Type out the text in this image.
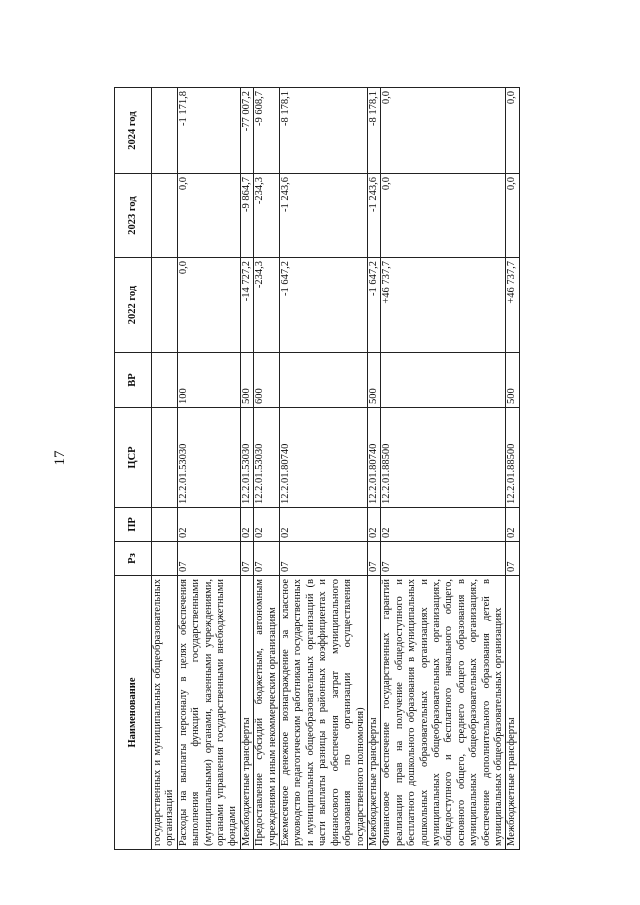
17
Наименование	Рз	ПР	ЦСР	ВР	2022 год	2023 год	2024 год
государственных и муниципальных общеобразовательных организаций							
Расходы на выплаты персоналу в целях обеспечения выполнения функций государственными (муниципальными) органами, казенными учреждениями, органами управления государственными внебюджетными фондами	07	02	12.2.01.53030	100	0,0	0,0	-1 171,8
Межбюджетные трансферты	07	02	12.2.01.53030	500	-14 727,2	-9 864,7	-77 007,2
Предоставление субсидий бюджетным, автономным учреждениям и иным некоммерческим организациям	07	02	12.2.01.53030	600	-234,3	-234,3	-9 608,7
Ежемесячное денежное вознаграждение за классное руководство педагогическим работникам государственных и муниципальных общеобразовательных организаций (в части выплаты разницы в районных коэффициентах и финансового обеспечения затрат муниципального образования по организации осуществления государственного полномочия)	07	02	12.2.01.80740		-1 647,2	-1 243,6	-8 178,1
Межбюджетные трансферты	07	02	12.2.01.80740	500	-1 647,2	-1 243,6	-8 178,1
Финансовое обеспечение государственных гарантий реализации прав на получение общедоступного и бесплатного дошкольного образования в муниципальных дошкольных образовательных организациях и муниципальных общеобразовательных организациях, общедоступного и бесплатного начального общего, основного общего, среднего общего образования в муниципальных общеобразовательных организациях, обеспечение дополнительного образования детей в муниципальных общеобразовательных организациях	07	02	12.2.01.88500		+46 737,7	0,0	0,0
Межбюджетные трансферты	07	02	12.2.01.88500	500	+46 737,7	0,0	0,0
